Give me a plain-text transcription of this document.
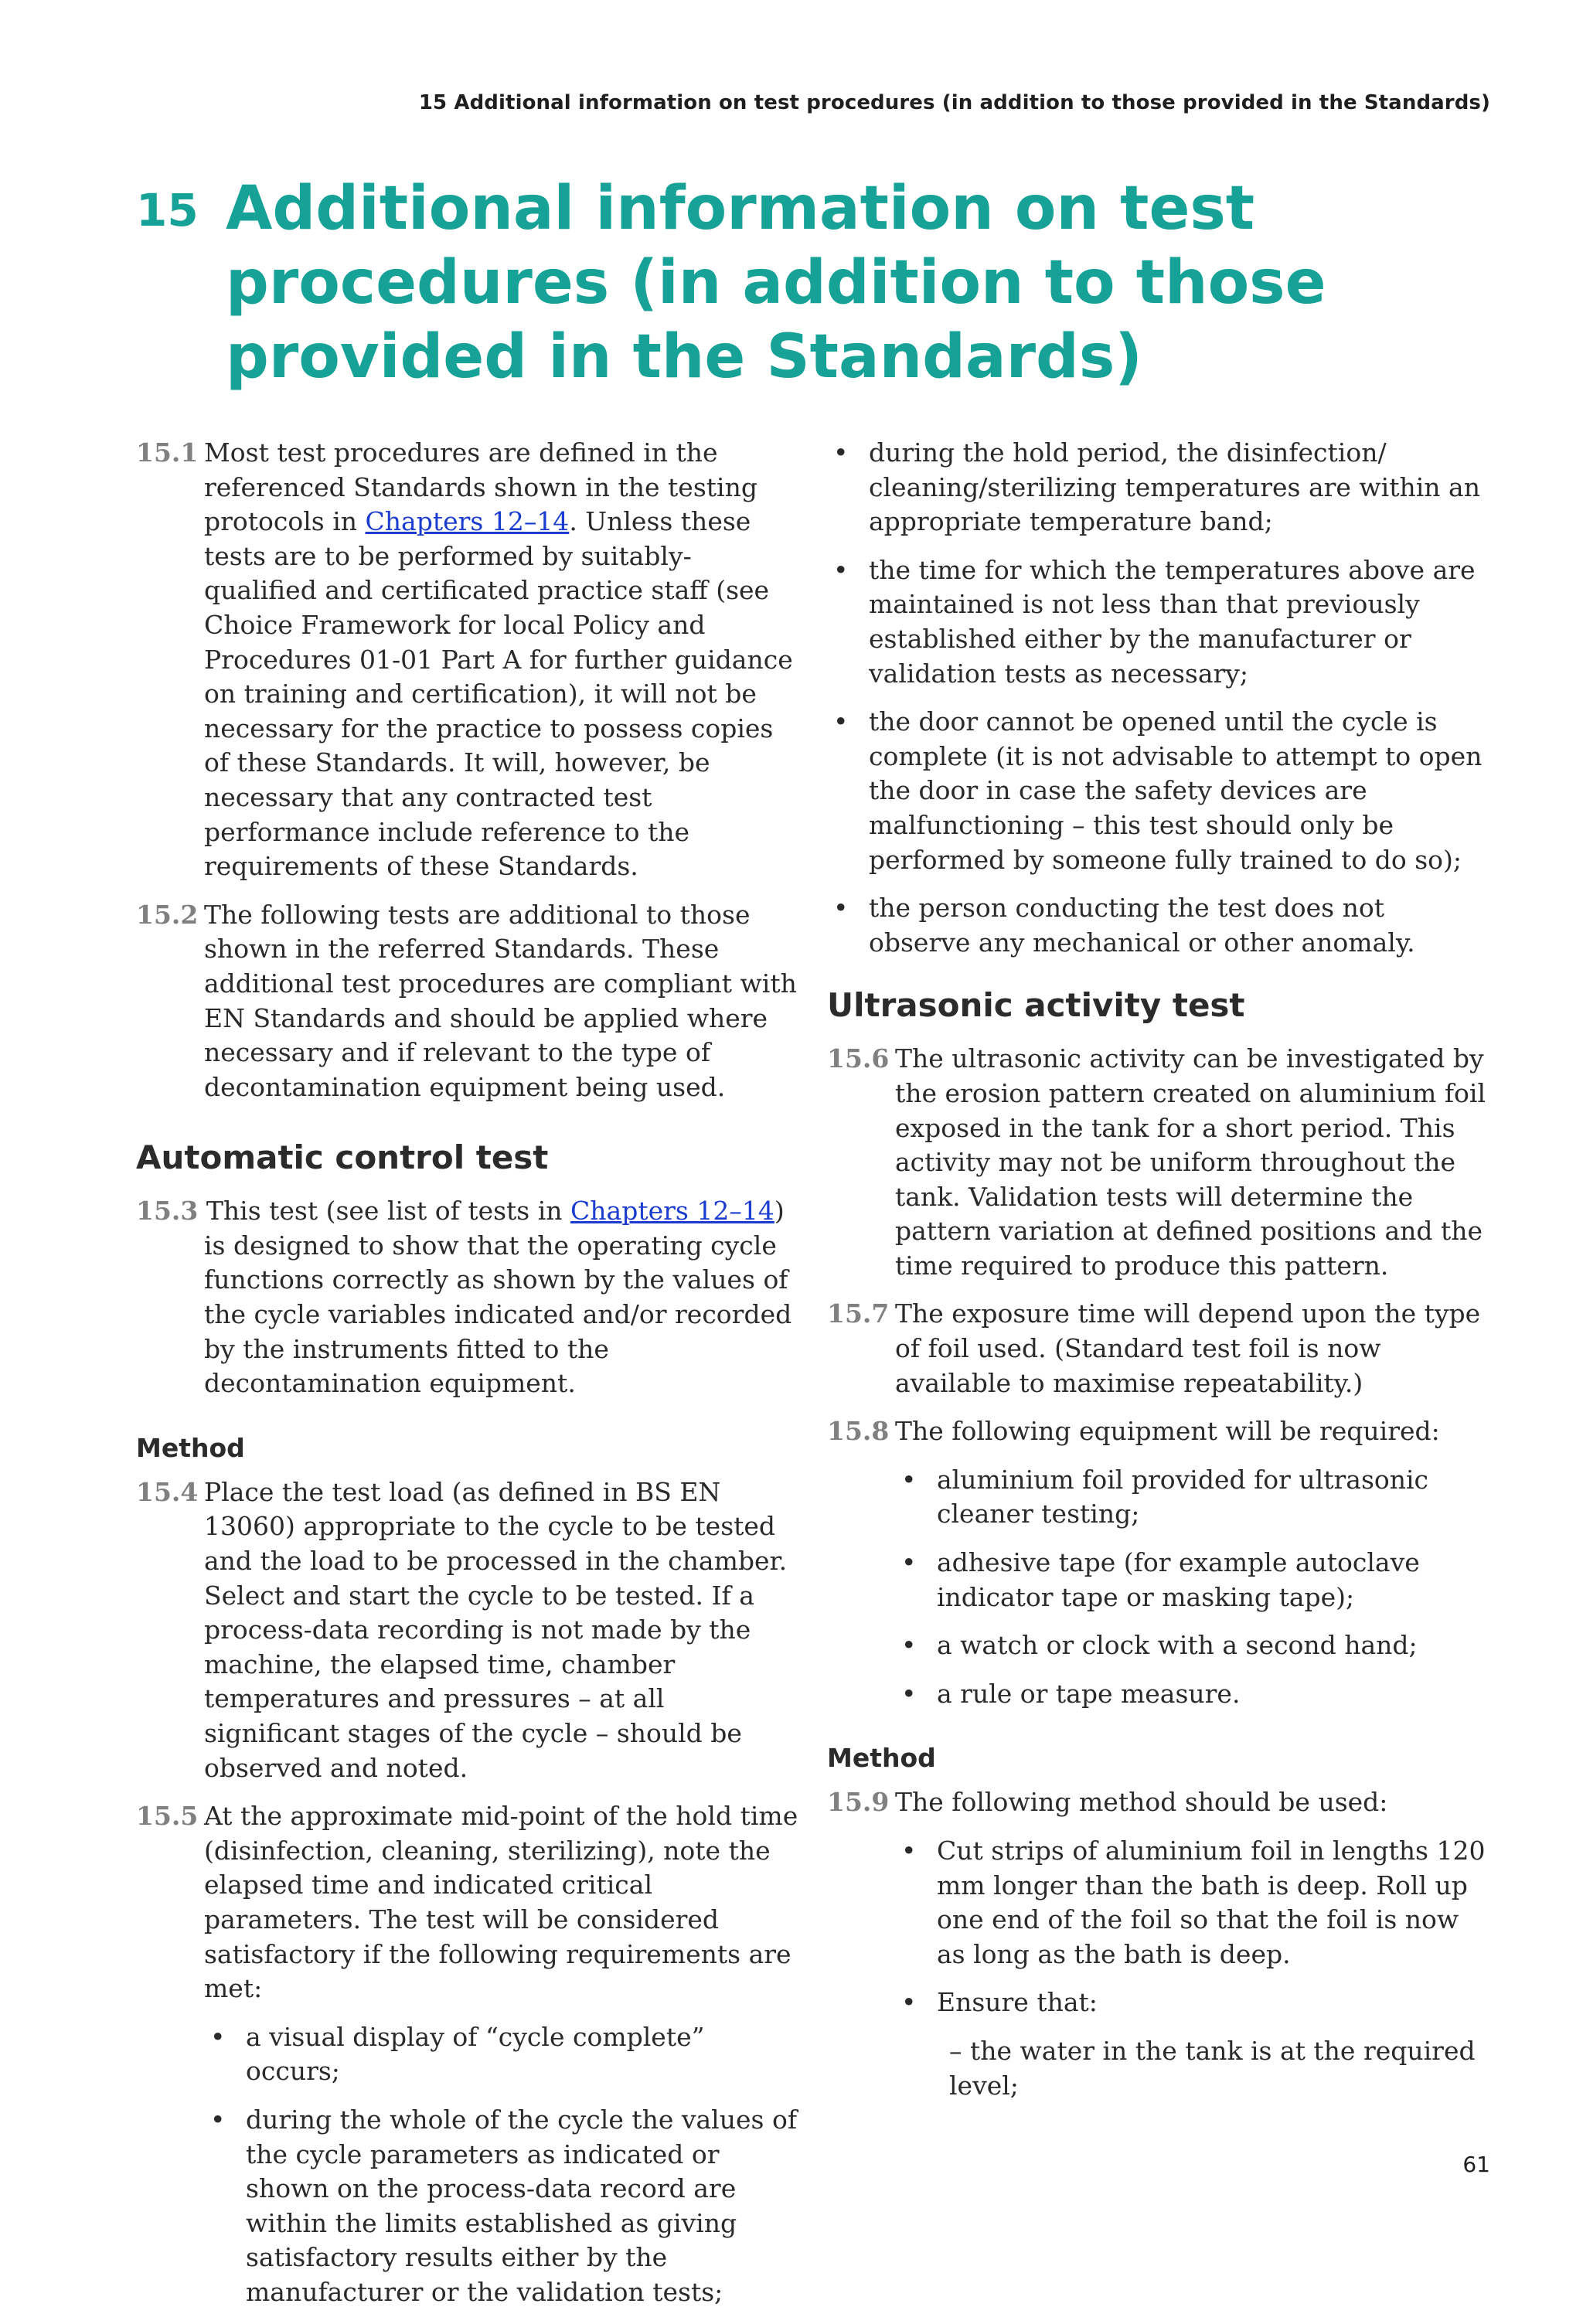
15 Additional information on test procedures (in addition to those provided in the Standards)
15 Additional information on test procedures (in addition to those provided in the Standards)
15.1 Most test procedures are defined in the referenced Standards shown in the testing protocols in Chapters 12–14. Unless these tests are to be performed by suitably-qualified and certificated practice staff (see Choice Framework for local Policy and Procedures 01-01 Part A for further guidance on training and certification), it will not be necessary for the practice to possess copies of these Standards. It will, however, be necessary that any contracted test performance include reference to the requirements of these Standards.
15.2 The following tests are additional to those shown in the referred Standards. These additional test procedures are compliant with EN Standards and should be applied where necessary and if relevant to the type of decontamination equipment being used.
Automatic control test
15.3 This test (see list of tests in Chapters 12–14) is designed to show that the operating cycle functions correctly as shown by the values of the cycle variables indicated and/or recorded by the instruments fitted to the decontamination equipment.
Method
15.4 Place the test load (as defined in BS EN 13060) appropriate to the cycle to be tested and the load to be processed in the chamber. Select and start the cycle to be tested. If a process-data recording is not made by the machine, the elapsed time, chamber temperatures and pressures – at all significant stages of the cycle – should be observed and noted.
15.5 At the approximate mid-point of the hold time (disinfection, cleaning, sterilizing), note the elapsed time and indicated critical parameters. The test will be considered satisfactory if the following requirements are met:
• a visual display of “cycle complete” occurs;
• during the whole of the cycle the values of the cycle parameters as indicated or shown on the process-data record are within the limits established as giving satisfactory results either by the manufacturer or the validation tests;
• during the hold period, the disinfection/ cleaning/sterilizing temperatures are within an appropriate temperature band;
• the time for which the temperatures above are maintained is not less than that previously established either by the manufacturer or validation tests as necessary;
• the door cannot be opened until the cycle is complete (it is not advisable to attempt to open the door in case the safety devices are malfunctioning – this test should only be performed by someone fully trained to do so);
• the person conducting the test does not observe any mechanical or other anomaly.
Ultrasonic activity test
15.6 The ultrasonic activity can be investigated by the erosion pattern created on aluminium foil exposed in the tank for a short period. This activity may not be uniform throughout the tank. Validation tests will determine the pattern variation at defined positions and the time required to produce this pattern.
15.7 The exposure time will depend upon the type of foil used. (Standard test foil is now available to maximise repeatability.)
15.8 The following equipment will be required:
• aluminium foil provided for ultrasonic cleaner testing;
• adhesive tape (for example autoclave indicator tape or masking tape);
• a watch or clock with a second hand;
• a rule or tape measure.
Method
15.9 The following method should be used:
• Cut strips of aluminium foil in lengths 120 mm longer than the bath is deep. Roll up one end of the foil so that the foil is now as long as the bath is deep.
• Ensure that:
– the water in the tank is at the required level;
61
